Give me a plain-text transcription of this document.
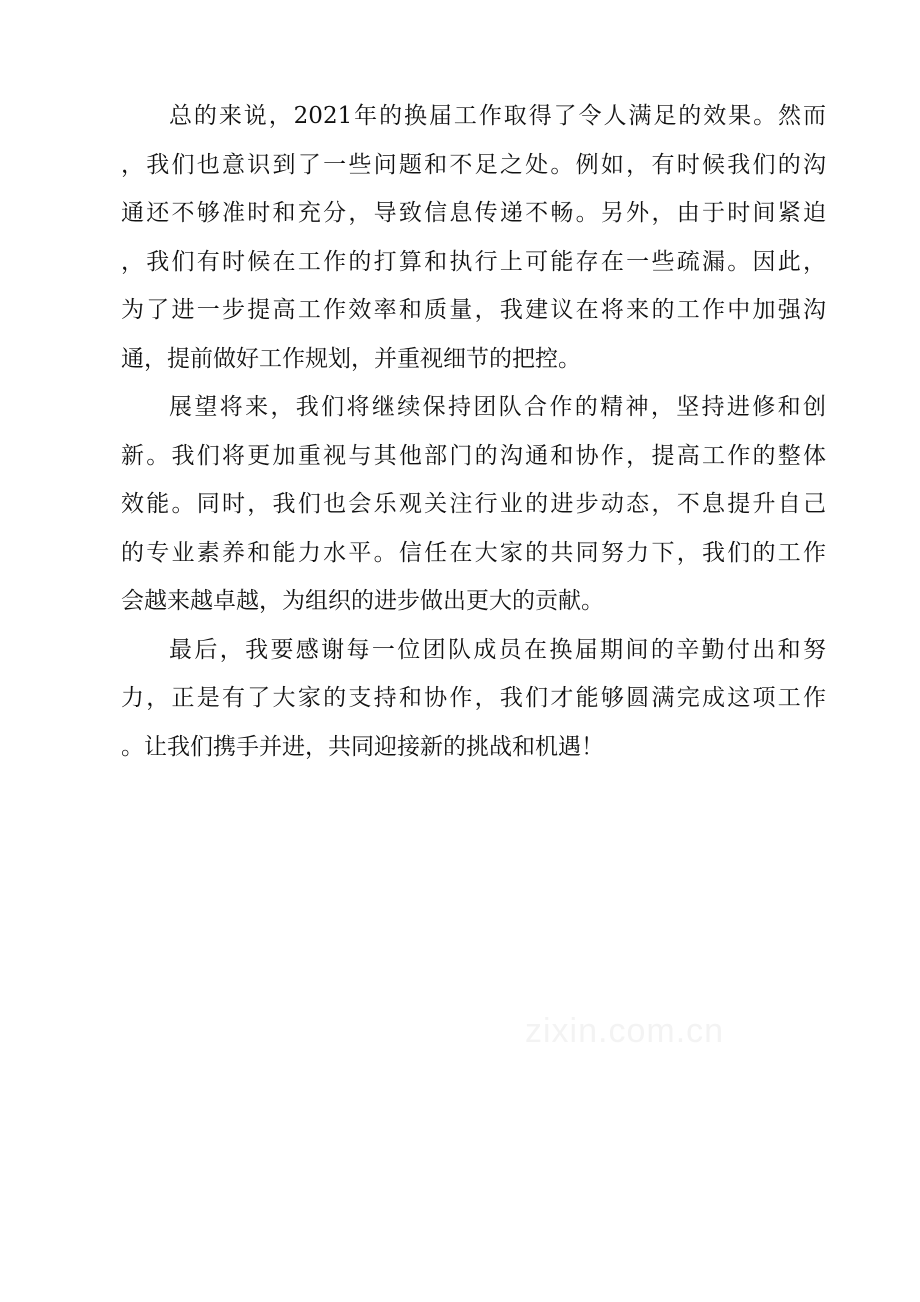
总的来说，2021年的换届工作取得了令人满足的效果。然而
，我们也意识到了一些问题和不足之处。例如，有时候我们的沟
通还不够准时和充分，导致信息传递不畅。另外，由于时间紧迫
，我们有时候在工作的打算和执行上可能存在一些疏漏。因此，
为了进一步提高工作效率和质量，我建议在将来的工作中加强沟
通，提前做好工作规划，并重视细节的把控。
展望将来，我们将继续保持团队合作的精神，坚持进修和创
新。我们将更加重视与其他部门的沟通和协作，提高工作的整体
效能。同时，我们也会乐观关注行业的进步动态，不息提升自己
的专业素养和能力水平。信任在大家的共同努力下，我们的工作
会越来越卓越，为组织的进步做出更大的贡献。
最后，我要感谢每一位团队成员在换届期间的辛勤付出和努
力，正是有了大家的支持和协作，我们才能够圆满完成这项工作
。让我们携手并进，共同迎接新的挑战和机遇！
zixin.com.cn
